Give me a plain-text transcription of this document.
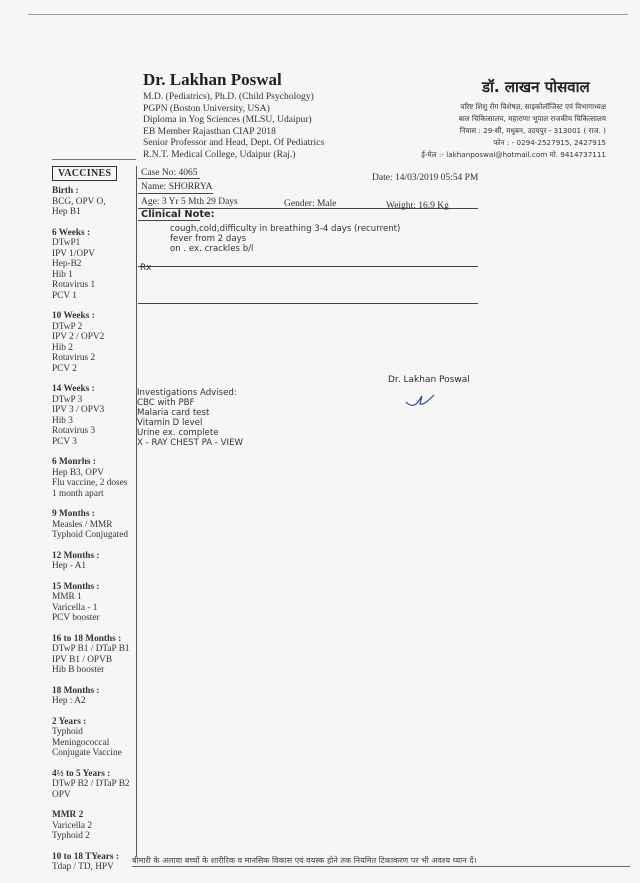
Dr. Lakhan Poswal
M.D. (Pediatrics), Ph.D. (Child Psychology)
PGPN (Boston University, USA)
Diploma in Yog Sciences (MLSU, Udaipur)
EB Member Rajasthan CIAP 2018
Senior Professor and Head, Dept. Of Pediatrics
R.N.T. Medical College, Udaipur (Raj.)
डॉ. लाखन पोसवाल
वरिष्ट शिशु रोग विशेषज्ञ, साइकोलॉजिस्ट एवं विभागाध्यक्ष
बाल चिकित्सालय, महाराणा भूपाल राजकीय चिकित्सालय
निवास : 29-सी, मधुबन, उदयपुर - 313001 ( राज. )
फोन : - 0294-2527915, 2427915
ई-मेल :- lakhanposwal@hotmail.com मो. 9414737111
VACCINES
Birth :
BCG, OPV O,
Hep B1
6 Weeks :
DTwP1
IPV 1/OPV
Hep-B2
Hib 1
Rotavirus 1
PCV 1
10 Weeks :
DTwP 2
IPV 2 / OPV2
Hib 2
Rotavirus 2
PCV 2
14 Weeks :
DTwP 3
IPV 3 / OPV3
Hib 3
Rotavirus 3
PCV 3
6 Monrhs :
Hep B3, OPV
Flu vaccine, 2 doses
1 month apart
9 Months :
Measles / MMR
Typhoid Conjugated
12 Months :
Hep - A1
15 Months :
MMR 1
Varicella - 1
PCV booster
16 to 18 Months :
DTwP B1 / DTaP B1
IPV B1 / OPVB
Hib B booster
18 Months :
Hep : A2
2 Years :
Typhoid
Meningococcal
Conjugate Vaccine
4½ to 5 Years :
DTwP B2 / DTaP B2
OPV
MMR 2
Varicella 2
Typhoid 2
10 to 18 TYears :
Tdap / TD, HPV
Case No: 4065	Date: 14/03/2019 05:54 PM
Name: SHORRYA
Age: 3 Yr 5 Mth 29 Days	Gender: Male	Weight: 16.9 Kg
Clinical Note:
cough,cold,difficulty in breathing 3-4 days (recurrent)
fever from 2 days
on . ex. crackles b/l
Rx
Dr. Lakhan Poswal
Investigations Advised:
CBC with PBF
Malaria card test
Vitamin D level
Urine ex. complete
X - RAY CHEST PA - VIEW
बीमारी के अलावा बच्चों के शारीरिक व मानसिक विकास एवं वयस्क होने तक नियमित टिकाकरण पर भी अवश्य ध्यान दें।
